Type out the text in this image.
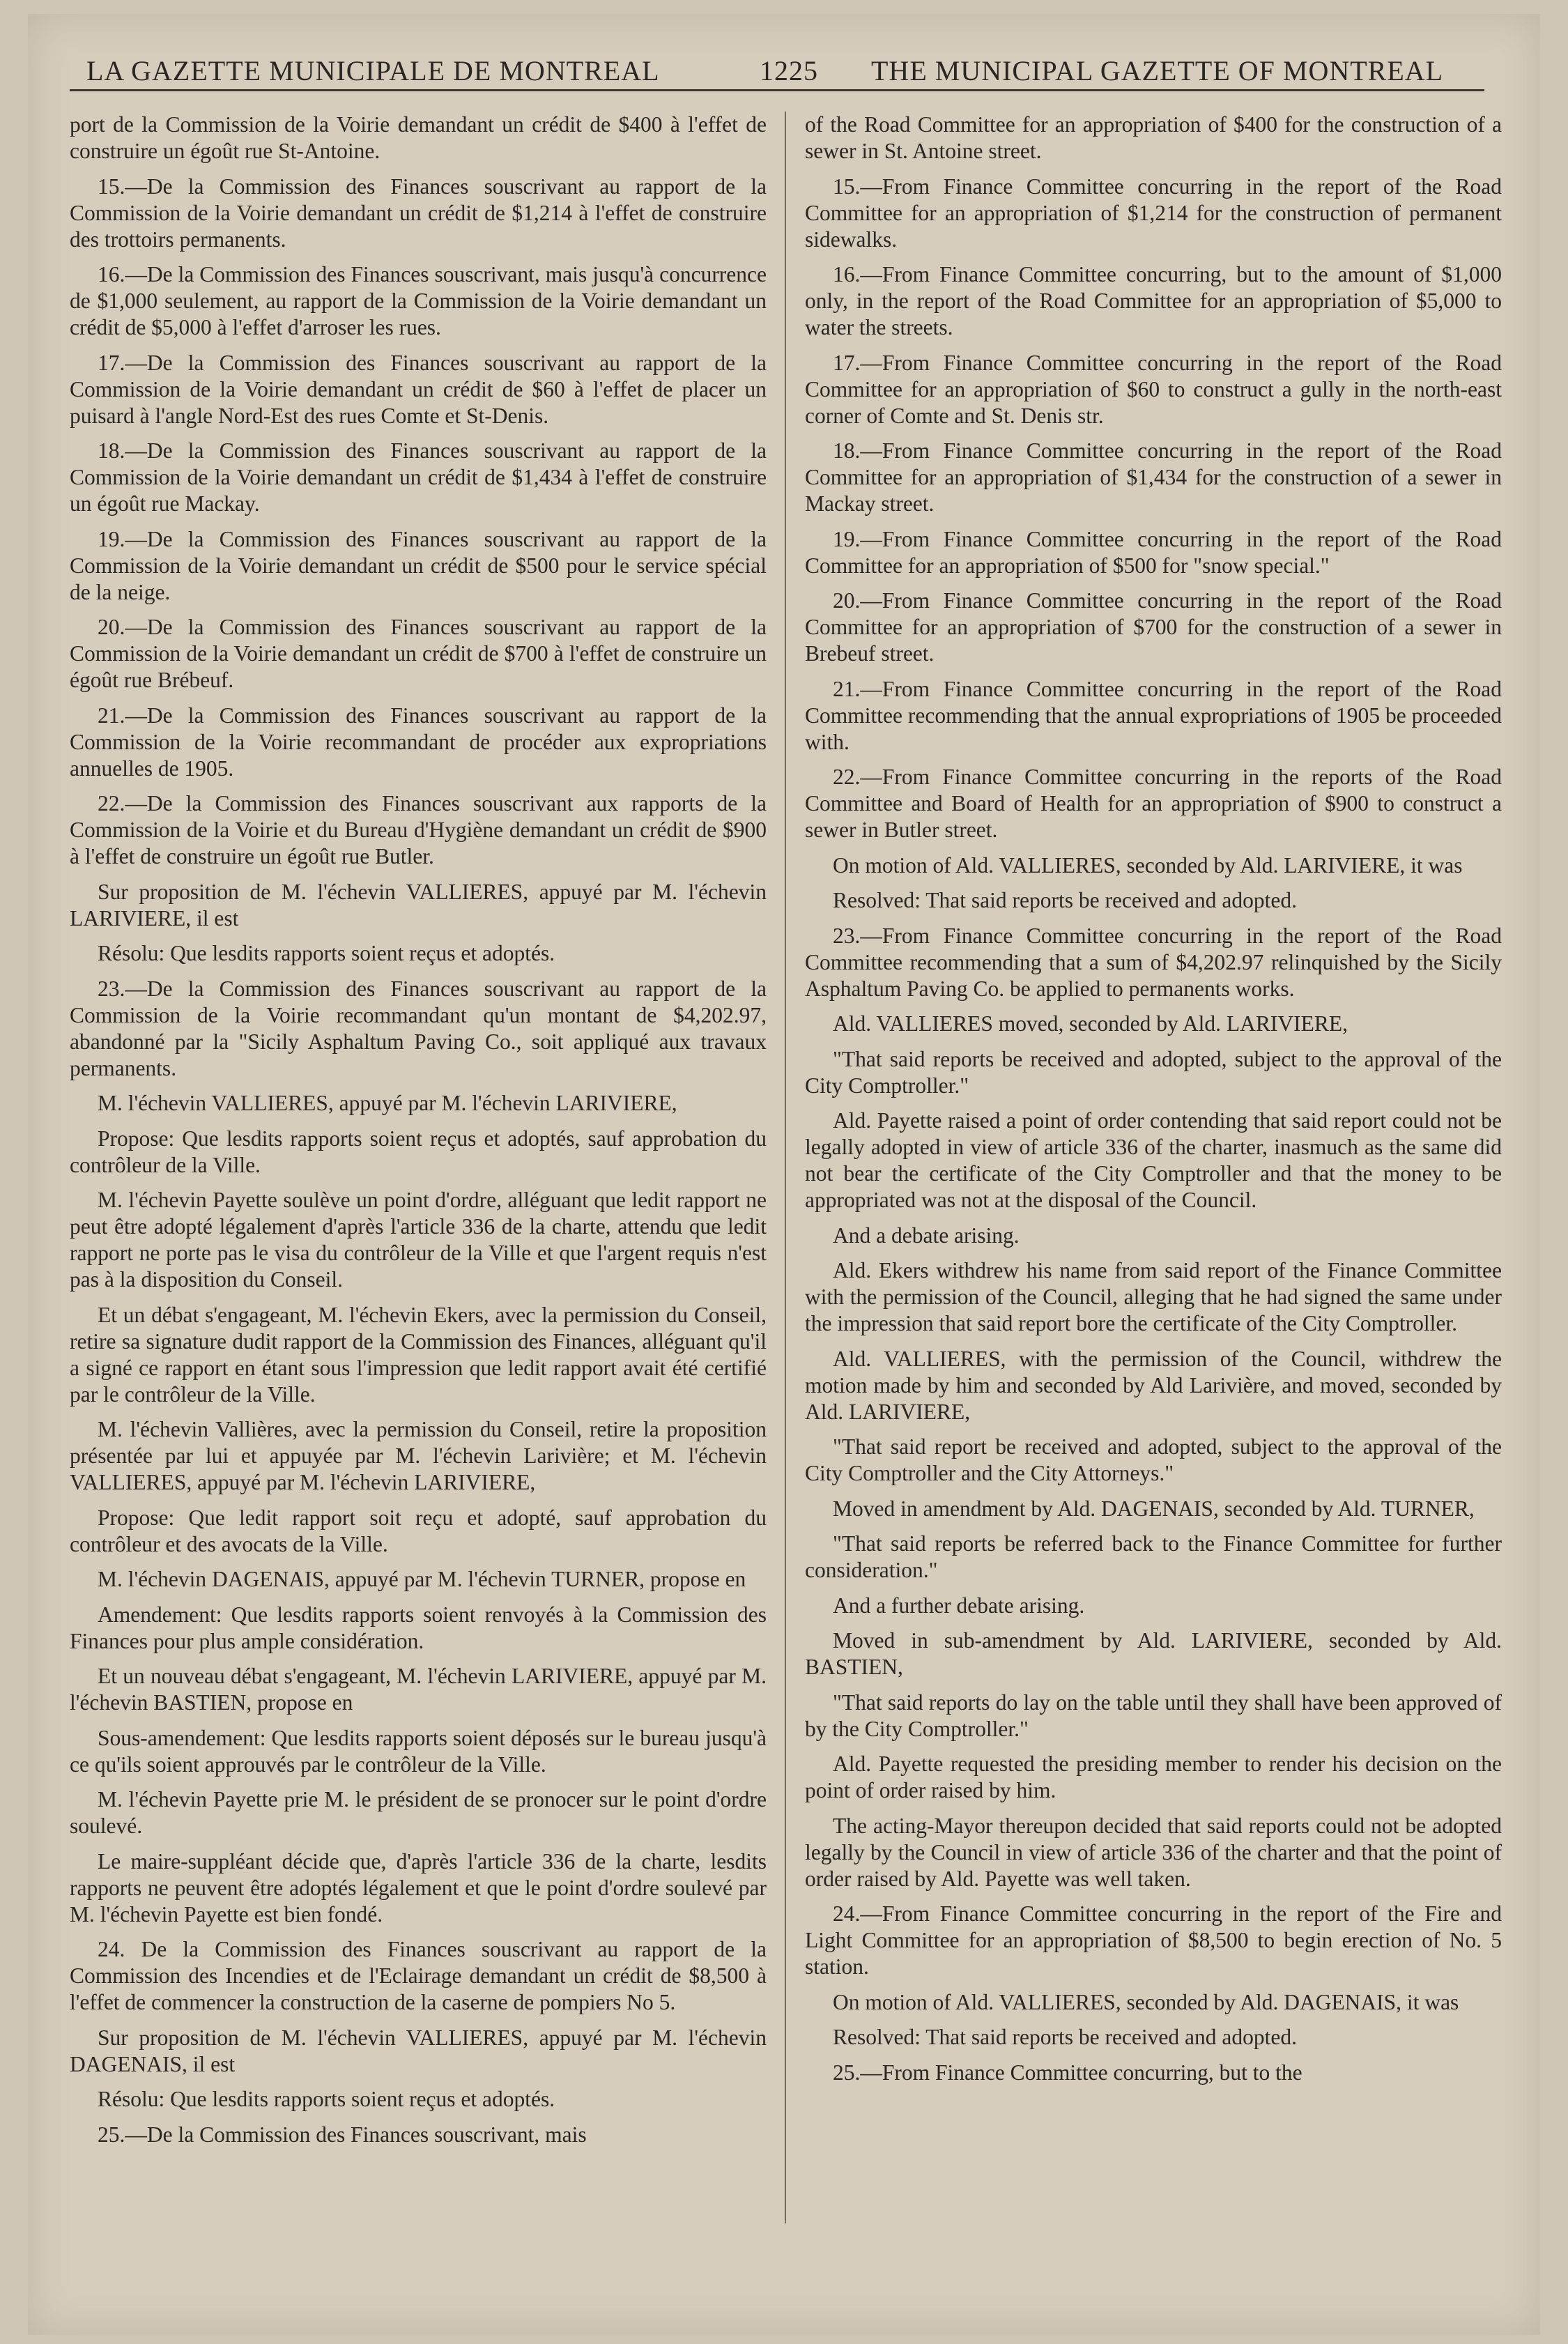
LA GAZETTE MUNICIPALE DE MONTREAL	1225 THE MUNICIPAL GAZETTE OF MONTREAL

port de la Commission de la Voirie demandant un crédit de $400 à l'effet de construire un égoût rue St-Antoine.

15.—De la Commission des Finances souscrivant au rapport de la Commission de la Voirie demandant un crédit de $1,214 à l'effet de construire des trottoirs permanents.

16.—De la Commission des Finances souscrivant, mais jusqu'à concurrence de $1,000 seulement, au rapport de la Commission de la Voirie demandant un crédit de $5,000 à l'effet d'arroser les rues.

17.—De la Commission des Finances souscrivant au rapport de la Commission de la Voirie demandant un crédit de $60 à l'effet de placer un puisard à l'angle Nord-Est des rues Comte et St-Denis.

18.—De la Commission des Finances souscrivant au rapport de la Commission de la Voirie demandant un crédit de $1,434 à l'effet de construire un égoût rue Mackay.

19.—De la Commission des Finances souscrivant au rapport de la Commission de la Voirie demandant un crédit de $500 pour le service spécial de la neige.

20.—De la Commission des Finances souscrivant au rapport de la Commission de la Voirie demandant un crédit de $700 à l'effet de construire un égoût rue Brébeuf.

21.—De la Commission des Finances souscrivant au rapport de la Commission de la Voirie recommandant de procéder aux expropriations annuelles de 1905.

22.—De la Commission des Finances souscrivant aux rapports de la Commission de la Voirie et du Bureau d'Hygiène demandant un crédit de $900 à l'effet de construire un égoût rue Butler.

Sur proposition de M. l'échevin VALLIERES, appuyé par M. l'échevin LARIVIERE, il est

Résolu: Que lesdits rapports soient reçus et adoptés.

23.—De la Commission des Finances souscrivant au rapport de la Commission de la Voirie recommandant qu'un montant de $4,202.97, abandonné par la "Sicily Asphaltum Paving Co., soit appliqué aux travaux permanents.

M. l'échevin VALLIERES, appuyé par M. l'échevin LARIVIERE,

Propose: Que lesdits rapports soient reçus et adoptés, sauf approbation du contrôleur de la Ville.

M. l'échevin Payette soulève un point d'ordre, alléguant que ledit rapport ne peut être adopté légalement d'après l'article 336 de la charte, attendu que ledit rapport ne porte pas le visa du contrôleur de la Ville et que l'argent requis n'est pas à la disposition du Conseil.

Et un débat s'engageant, M. l'échevin Ekers, avec la permission du Conseil, retire sa signature dudit rapport de la Commission des Finances, alléguant qu'il a signé ce rapport en étant sous l'impression que ledit rapport avait été certifié par le contrôleur de la Ville.

M. l'échevin Vallières, avec la permission du Conseil, retire la proposition présentée par lui et appuyée par M. l'échevin Larivière; et M. l'échevin VALLIERES, appuyé par M. l'échevin LARIVIERE,

Propose: Que ledit rapport soit reçu et adopté, sauf approbation du contrôleur et des avocats de la Ville.

M. l'échevin DAGENAIS, appuyé par M. l'échevin TURNER, propose en

Amendement: Que lesdits rapports soient renvoyés à la Commission des Finances pour plus ample considération.

Et un nouveau débat s'engageant, M. l'échevin LARIVIERE, appuyé par M. l'échevin BASTIEN, propose en

Sous-amendement: Que lesdits rapports soient déposés sur le bureau jusqu'à ce qu'ils soient approuvés par le contrôleur de la Ville.

M. l'échevin Payette prie M. le président de se pronocer sur le point d'ordre soulevé.

Le maire-suppléant décide que, d'après l'article 336 de la charte, lesdits rapports ne peuvent être adoptés légalement et que le point d'ordre soulevé par M. l'échevin Payette est bien fondé.

24. De la Commission des Finances souscrivant au rapport de la Commission des Incendies et de l'Eclairage demandant un crédit de $8,500 à l'effet de commencer la construction de la caserne de pompiers No 5.

Sur proposition de M. l'échevin VALLIERES, appuyé par M. l'échevin DAGENAIS, il est

Résolu: Que lesdits rapports soient reçus et adoptés.

25.—De la Commission des Finances souscrivant, mais

of the Road Committee for an appropriation of $400 for the construction of a sewer in St. Antoine street.

15.—From Finance Committee concurring in the report of the Road Committee for an appropriation of $1,214 for the construction of permanent sidewalks.

16.—From Finance Committee concurring, but to the amount of $1,000 only, in the report of the Road Committee for an appropriation of $5,000 to water the streets.

17.—From Finance Committee concurring in the report of the Road Committee for an appropriation of $60 to construct a gully in the north-east corner of Comte and St. Denis str.

18.—From Finance Committee concurring in the report of the Road Committee for an appropriation of $1,434 for the construction of a sewer in Mackay street.

19.—From Finance Committee concurring in the report of the Road Committee for an appropriation of $500 for "snow special."

20.—From Finance Committee concurring in the report of the Road Committee for an appropriation of $700 for the construction of a sewer in Brebeuf street.

21.—From Finance Committee concurring in the report of the Road Committee recommending that the annual expropriations of 1905 be proceeded with.

22.—From Finance Committee concurring in the reports of the Road Committee and Board of Health for an appropriation of $900 to construct a sewer in Butler street.

On motion of Ald. VALLIERES, seconded by Ald. LARIVIERE, it was

Resolved: That said reports be received and adopted.

23.—From Finance Committee concurring in the report of the Road Committee recommending that a sum of $4,202.97 relinquished by the Sicily Asphaltum Paving Co. be applied to permanents works.

Ald. VALLIERES moved, seconded by Ald. LARIVIERE,

"That said reports be received and adopted, subject to the approval of the City Comptroller."

Ald. Payette raised a point of order contending that said report could not be legally adopted in view of article 336 of the charter, inasmuch as the same did not bear the certificate of the City Comptroller and that the money to be appropriated was not at the disposal of the Council.

And a debate arising.

Ald. Ekers withdrew his name from said report of the Finance Committee with the permission of the Council, alleging that he had signed the same under the impression that said report bore the certificate of the City Comptroller.

Ald. VALLIERES, with the permission of the Council, withdrew the motion made by him and seconded by Ald Larivière, and moved, seconded by Ald. LARIVIERE,

"That said report be received and adopted, subject to the approval of the City Comptroller and the City Attorneys."

Moved in amendment by Ald. DAGENAIS, seconded by Ald. TURNER,

"That said reports be referred back to the Finance Committee for further consideration."

And a further debate arising.

Moved in sub-amendment by Ald. LARIVIERE, seconded by Ald. BASTIEN,

"That said reports do lay on the table until they shall have been approved of by the City Comptroller."

Ald. Payette requested the presiding member to render his decision on the point of order raised by him.

The acting-Mayor thereupon decided that said reports could not be adopted legally by the Council in view of article 336 of the charter and that the point of order raised by Ald. Payette was well taken.

24.—From Finance Committee concurring in the report of the Fire and Light Committee for an appropriation of $8,500 to begin erection of No. 5 station.

On motion of Ald. VALLIERES, seconded by Ald. DAGENAIS, it was

Resolved: That said reports be received and adopted.

25.—From Finance Committee concurring, but to the
